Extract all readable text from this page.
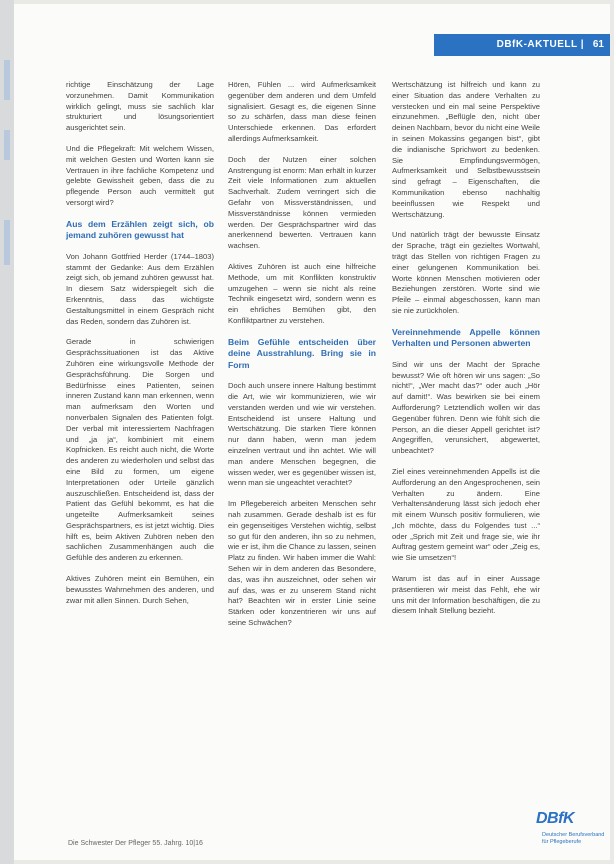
DBfK-AKTUELL | 61

richtige Einschätzung der Lage vorzunehmen. Damit Kommunikation wirklich gelingt, muss sie sachlich klar strukturiert und lösungsorientiert ausgerichtet sein.

Und die Pflegekraft: Mit welchem Wissen, mit welchen Gesten und Worten kann sie Vertrauen in ihre fachliche Kompetenz und gelebte Gewissheit geben, dass die zu pflegende Person auch vermittelt gut versorgt wird?

Aus dem Erzählen zeigt sich, ob jemand zuhören gewusst hat

Von Johann Gottfried Herder (1744–1803) stammt der Gedanke: Aus dem Erzählen zeigt sich, ob jemand zuhören gewusst hat. In diesem Satz widerspiegelt sich die Erkenntnis, dass das wichtigste Gestaltungsmittel in einem Gespräch nicht das Reden, sondern das Zuhören ist.

Gerade in schwierigen Gesprächssituationen ist das Aktive Zuhören eine wirkungsvolle Methode der Gesprächsführung. Die Sorgen und Bedürfnisse eines Patienten, seinen inneren Zustand kann man erkennen, wenn man aufmerksam den Worten und nonverbalen Signalen des Patienten folgt. Der verbal mit interessiertem Nachfragen und „ja ja“, kombiniert mit einem Kopfnicken. Es reicht auch nicht, die Worte des anderen zu wiederholen und selbst das eine Bild zu formen, um eigene Interpretationen oder Urteile gänzlich auszuschließen. Entscheidend ist, dass der Patient das Gefühl bekommt, es hat die ungeteilte Aufmerksamkeit seines Gesprächspartners, es ist jetzt wichtig. Dies hilft es, beim Aktiven Zuhören neben den sachlichen Zusammenhängen auch die Gefühle des anderen zu erkennen.

Aktives Zuhören meint ein Bemühen, ein bewusstes Wahrnehmen des anderen, und zwar mit allen Sinnen. Durch Sehen,

Hören, Fühlen ... wird Aufmerksamkeit gegenüber dem anderen und dem Umfeld signalisiert. Gesagt es, die eigenen Sinne so zu schärfen, dass man diese feinen Unterschiede erkennen. Das erfordert allerdings Aufmerksamkeit.

Doch der Nutzen einer solchen Anstrengung ist enorm: Man erhält in kurzer Zeit viele Informationen zum aktuellen Sachverhalt. Zudem verringert sich die Gefahr von Missverständnissen, und Missverständnisse können vermieden werden. Der Gesprächspartner wird das anerkennend bewerten. Vertrauen kann wachsen.

Aktives Zuhören ist auch eine hilfreiche Methode, um mit Konflikten konstruktiv umzugehen – wenn sie nicht als reine Technik eingesetzt wird, sondern wenn es ein ehrliches Bemühen gibt, den Konfliktpartner zu verstehen.

Beim Gefühle entscheiden über deine Ausstrahlung. Bring sie in Form

Doch auch unsere innere Haltung bestimmt die Art, wie wir kommunizieren, wie wir verstanden werden und wie wir verstehen. Entscheidend ist unsere Haltung und Wertschätzung. Die starken Tiere können nur dann haben, wenn man jedem einzelnen vertraut und ihn achtet. Wie will man andere Menschen begegnen, die wissen weder, wer es gegenüber wissen ist, wenn man sie ungeachtet verachtet?

Im Pflegebereich arbeiten Menschen sehr nah zusammen. Gerade deshalb ist es für ein gegenseitiges Verstehen wichtig, selbst so gut für den anderen, ihn so zu nehmen, wie er ist, ihm die Chance zu lassen, seinen Platz zu finden. Wir haben immer die Wahl: Sehen wir in dem anderen das Besondere, das, was ihn auszeichnet, oder sehen wir auf das, was er zu unserem Stand nicht hat? Beachten wir in erster Linie seine Stärken oder konzentrieren wir uns auf seine Schwächen?

Wertschätzung ist hilfreich und kann zu einer Situation das andere Verhalten zu verstecken und ein mal seine Perspektive einzunehmen. „Beflügle den, nicht über deinen Nachbarn, bevor du nicht eine Weile in seinen Mokassins gegangen bist“, gibt die indianische Sprichwort zu bedenken. Sie Empfindungsvermögen, Aufmerksamkeit und Selbstbewusstsein sind gefragt – Eigenschaften, die Kommunikation ebenso nachhaltig beeinflussen wie Respekt und Wertschätzung.

Und natürlich trägt der bewusste Einsatz der Sprache, trägt ein gezieltes Wortwahl, trägt das Stellen von richtigen Fragen zu einer gelungenen Kommunikation bei. Worte können Menschen motivieren oder Beziehungen zerstören. Worte sind wie Pfeile – einmal abgeschossen, kann man sie nie zurückholen.

Vereinnehmende Appelle können Verhalten und Personen abwerten

Sind wir uns der Macht der Sprache bewusst? Wie oft hören wir uns sagen: „So nicht!“, „Wer macht das?“ oder auch „Hör auf damit!“. Was bewirken sie bei einem Aufforderung? Letztendlich wollen wir das Gegenüber führen. Denn wie fühlt sich die Person, an die dieser Appell gerichtet ist? Angegriffen, verunsichert, abgewertet, unbeachtet?

Ziel eines vereinnehmenden Appells ist die Aufforderung an den Angesprochenen, sein Verhalten zu ändern. Eine Verhaltensänderung lässt sich jedoch eher mit einem Wunsch positiv formulieren, wie „Ich möchte, dass du Folgendes tust ...“ oder „Sprich mit Zeit und frage sie, wie ihr Auftrag gestern gemeint war“ oder „Zeig es, wie Sie umsetzen“!

Warum ist das auf in einer Aussage präsentieren wir meist das Fehlt, ehe wir uns mit der Information beschäftigen, die zu diesem Inhalt Stellung bezieht.

Die Schwester Der Pfleger 55. Jahrg. 10|16
DBfK
Deutscher Berufsverband für Pflegeberufe
